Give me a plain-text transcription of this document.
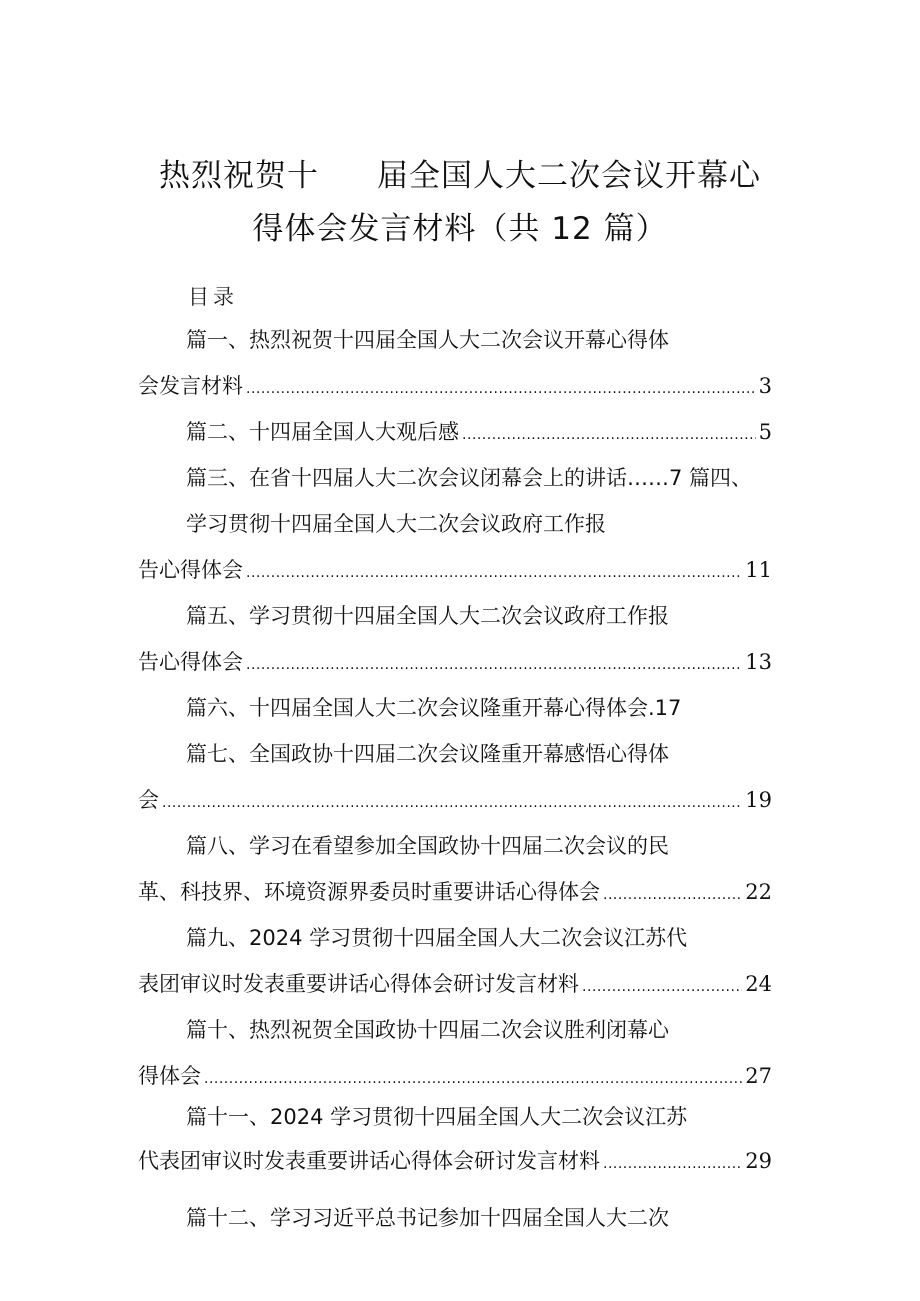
热烈祝贺十 届全国人大二次会议开幕心
得体会发言材料（共 12 篇）
目录
篇一、热烈祝贺十四届全国人大二次会议开幕心得体
会发言材料 .....	3
篇二、十四届全国人大观后感 .....	5
篇三、在省十四届人大二次会议闭幕会上的讲话……7 篇四、
学习贯彻十四届全国人大二次会议政府工作报
告心得体会 .....	11
篇五、学习贯彻十四届全国人大二次会议政府工作报
告心得体会 .....	13
篇六、十四届全国人大二次会议隆重开幕心得体会.17
篇七、全国政协十四届二次会议隆重开幕感悟心得体
会 .....	19
篇八、学习在看望参加全国政协十四届二次会议的民
革、科技界、环境资源界委员时重要讲话心得体会 .....	22
篇九、2024 学习贯彻十四届全国人大二次会议江苏代
表团审议时发表重要讲话心得体会研讨发言材料 .....	24
篇十、热烈祝贺全国政协十四届二次会议胜利闭幕心
得体会 .....	27
篇十一、2024 学习贯彻十四届全国人大二次会议江苏
代表团审议时发表重要讲话心得体会研讨发言材料 .....	29
篇十二、学习习近平总书记参加十四届全国人大二次
